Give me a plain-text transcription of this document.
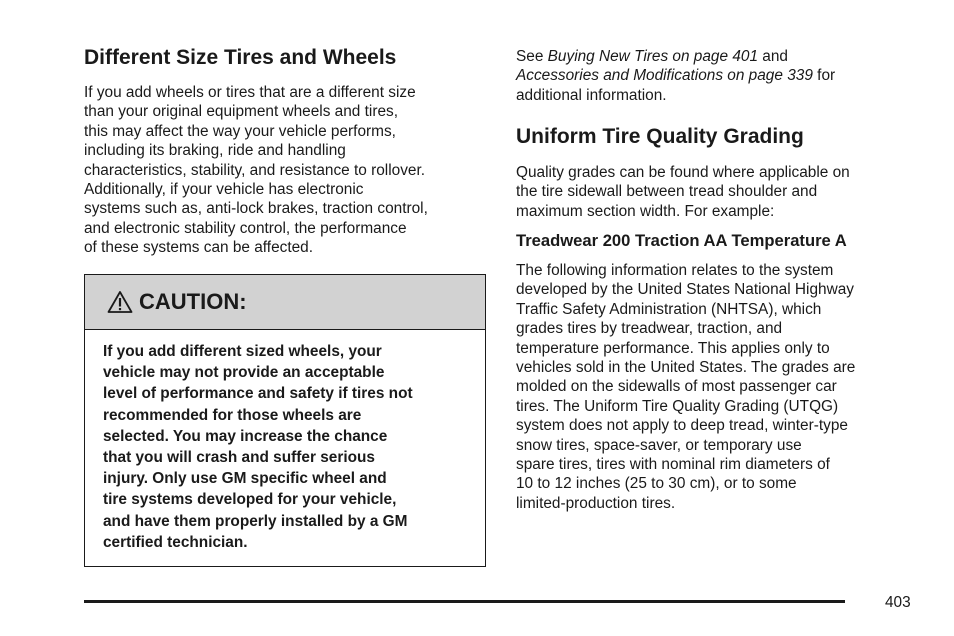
Different Size Tires and Wheels
If you add wheels or tires that are a different size
than your original equipment wheels and tires,
this may affect the way your vehicle performs,
including its braking, ride and handling
characteristics, stability, and resistance to rollover.
Additionally, if your vehicle has electronic
systems such as, anti-lock brakes, traction control,
and electronic stability control, the performance
of these systems can be affected.
CAUTION:
If you add different sized wheels, your
vehicle may not provide an acceptable
level of performance and safety if tires not
recommended for those wheels are
selected. You may increase the chance
that you will crash and suffer serious
injury. Only use GM specific wheel and
tire systems developed for your vehicle,
and have them properly installed by a GM
certified technician.
See Buying New Tires on page 401 and
Accessories and Modifications on page 339 for
additional information.
Uniform Tire Quality Grading
Quality grades can be found where applicable on
the tire sidewall between tread shoulder and
maximum section width. For example:
Treadwear 200 Traction AA Temperature A
The following information relates to the system
developed by the United States National Highway
Traffic Safety Administration (NHTSA), which
grades tires by treadwear, traction, and
temperature performance. This applies only to
vehicles sold in the United States. The grades are
molded on the sidewalls of most passenger car
tires. The Uniform Tire Quality Grading (UTQG)
system does not apply to deep tread, winter-type
snow tires, space-saver, or temporary use
spare tires, tires with nominal rim diameters of
10 to 12 inches (25 to 30 cm), or to some
limited-production tires.
403
